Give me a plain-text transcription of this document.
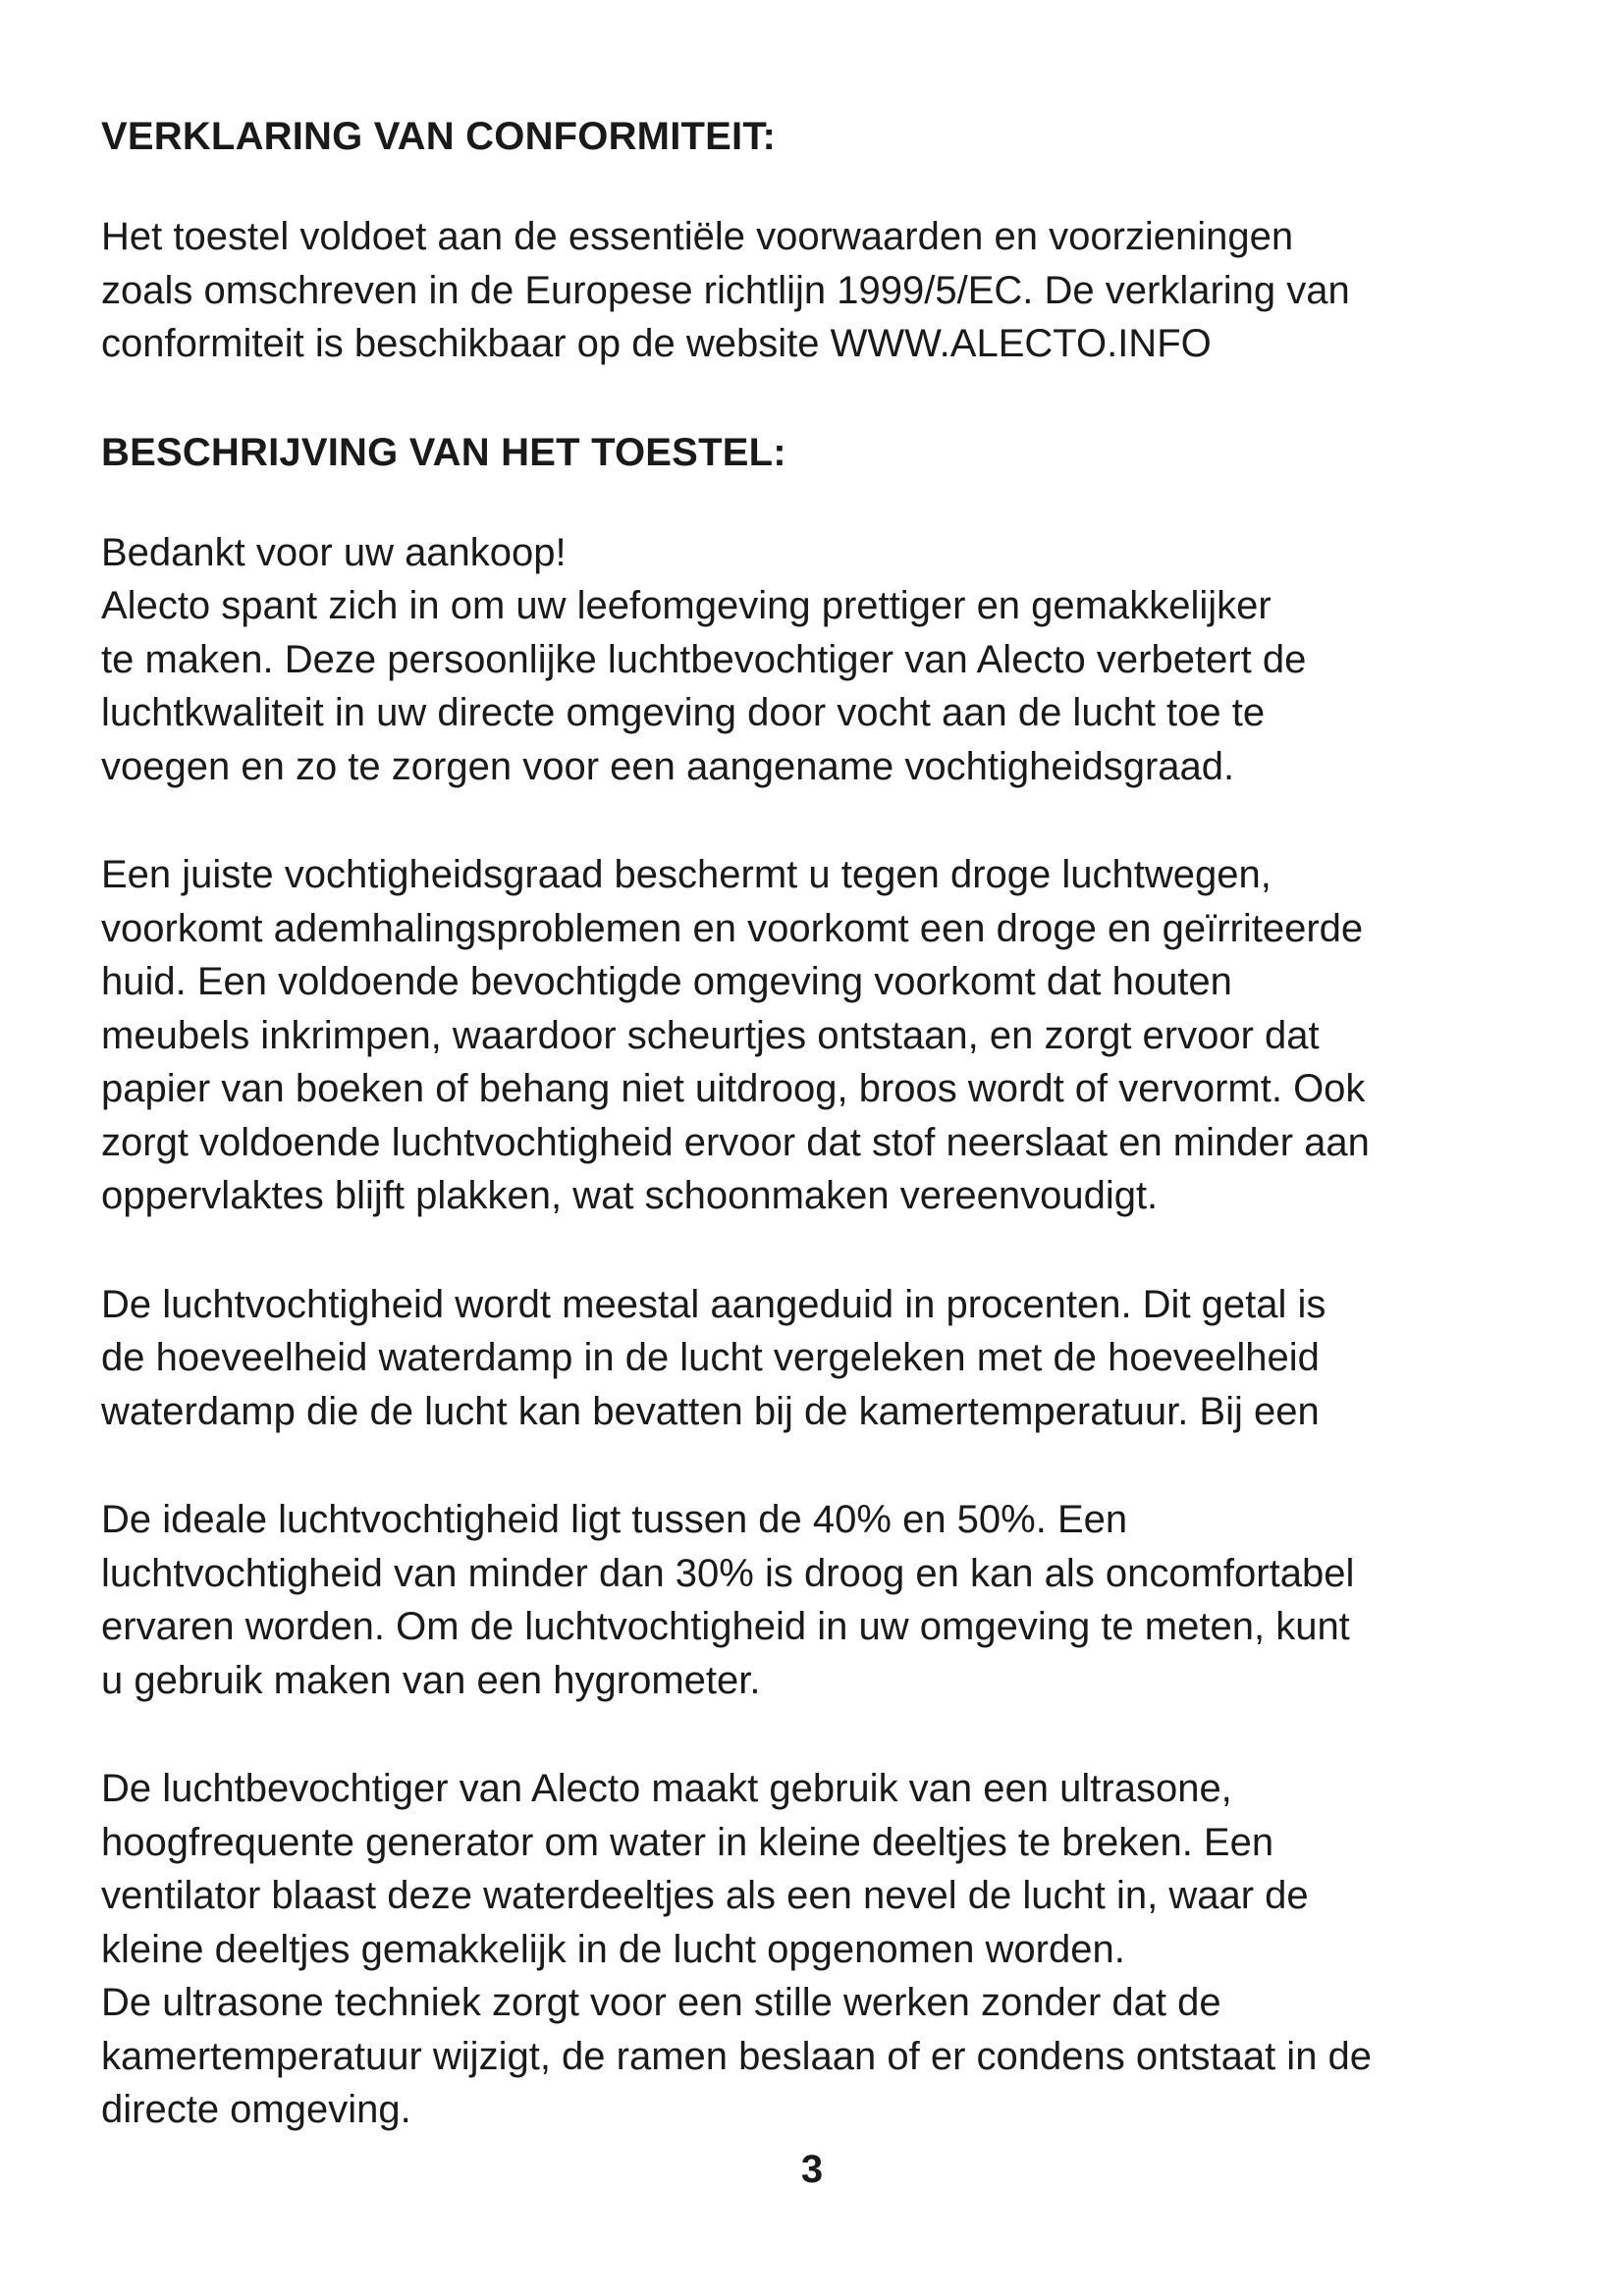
VERKLARING VAN CONFORMITEIT:

Het toestel voldoet aan de essentiële voorwaarden en voorzieningen
zoals omschreven in de Europese richtlijn 1999/5/EC. De verklaring van
conformiteit is beschikbaar op de website WWW.ALECTO.INFO

BESCHRIJVING VAN HET TOESTEL:

Bedankt voor uw aankoop!
Alecto spant zich in om uw leefomgeving prettiger en gemakkelijker
te maken. Deze persoonlijke luchtbevochtiger van Alecto verbetert de
luchtkwaliteit in uw directe omgeving door vocht aan de lucht toe te
voegen en zo te zorgen voor een aangename vochtigheidsgraad.

Een juiste vochtigheidsgraad beschermt u tegen droge luchtwegen,
voorkomt ademhalingsproblemen en voorkomt een droge en geïrriteerde
huid. Een voldoende bevochtigde omgeving voorkomt dat houten
meubels inkrimpen, waardoor scheurtjes ontstaan, en zorgt ervoor dat
papier van boeken of behang niet uitdroog, broos wordt of vervormt. Ook
zorgt voldoende luchtvochtigheid ervoor dat stof neerslaat en minder aan
oppervlaktes blijft plakken, wat schoonmaken vereenvoudigt.

De luchtvochtigheid wordt meestal aangeduid in procenten. Dit getal is
de hoeveelheid waterdamp in de lucht vergeleken met de hoeveelheid
waterdamp die de lucht kan bevatten bij de kamertemperatuur. Bij een

De ideale luchtvochtigheid ligt tussen de 40% en 50%. Een
luchtvochtigheid van minder dan 30% is droog en kan als oncomfortabel
ervaren worden. Om de luchtvochtigheid in uw omgeving te meten, kunt
u gebruik maken van een hygrometer.

De luchtbevochtiger van Alecto maakt gebruik van een ultrasone,
hoogfrequente generator om water in kleine deeltjes te breken. Een
ventilator blaast deze waterdeeltjes als een nevel de lucht in, waar de
kleine deeltjes gemakkelijk in de lucht opgenomen worden.
De ultrasone techniek zorgt voor een stille werken zonder dat de
kamertemperatuur wijzigt, de ramen beslaan of er condens ontstaat in de
directe omgeving.

3
